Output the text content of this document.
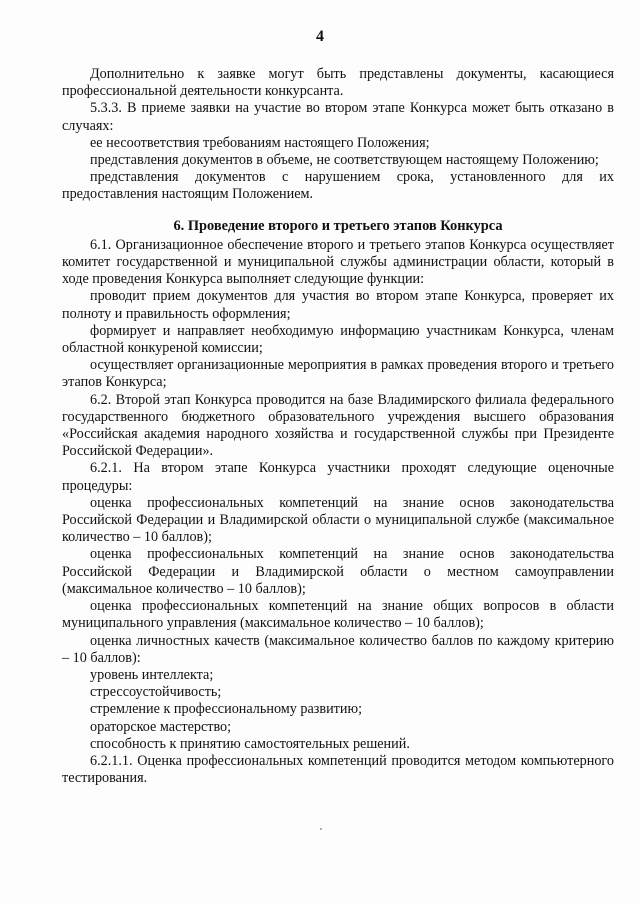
4

Дополнительно к заявке могут быть представлены документы, касающиеся профессиональной деятельности конкурсанта.

5.3.3. В приеме заявки на участие во втором этапе Конкурса может быть отказано в случаях:

ее несоответствия требованиям настоящего Положения;

представления документов в объеме, не соответствующем настоящему Положению;

представления документов с нарушением срока, установленного для их предоставления настоящим Положением.

6. Проведение второго и третьего этапов Конкурса

6.1. Организационное обеспечение второго и третьего этапов Конкурса осуществляет комитет государственной и муниципальной службы администрации области, который в ходе проведения Конкурса выполняет следующие функции:

проводит прием документов для участия во втором этапе Конкурса, проверяет их полноту и правильность оформления;

формирует и направляет необходимую информацию участникам Конкурса, членам областной конкуреной комиссии;

осуществляет организационные мероприятия в рамках проведения второго и третьего этапов Конкурса;

6.2. Второй этап Конкурса проводится на базе Владимирского филиала федерального государственного бюджетного образовательного учреждения высшего образования «Российская академия народного хозяйства и государственной службы при Президенте Российской Федерации».

6.2.1. На втором этапе Конкурса участники проходят следующие оценочные процедуры:

оценка профессиональных компетенций на знание основ законодательства Российской Федерации и Владимирской области о муниципальной службе (максимальное количество – 10 баллов);

оценка профессиональных компетенций на знание основ законодательства Российской Федерации и Владимирской области о местном самоуправлении (максимальное количество – 10 баллов);

оценка профессиональных компетенций на знание общих вопросов в области муниципального управления (максимальное количество – 10 баллов);

оценка личностных качеств (максимальное количество баллов по каждому критерию – 10 баллов):

уровень интеллекта;

стрессоустойчивость;

стремление к профессиональному развитию;

ораторское мастерство;

способность к принятию самостоятельных решений.

6.2.1.1. Оценка профессиональных компетенций проводится методом компьютерного тестирования.
